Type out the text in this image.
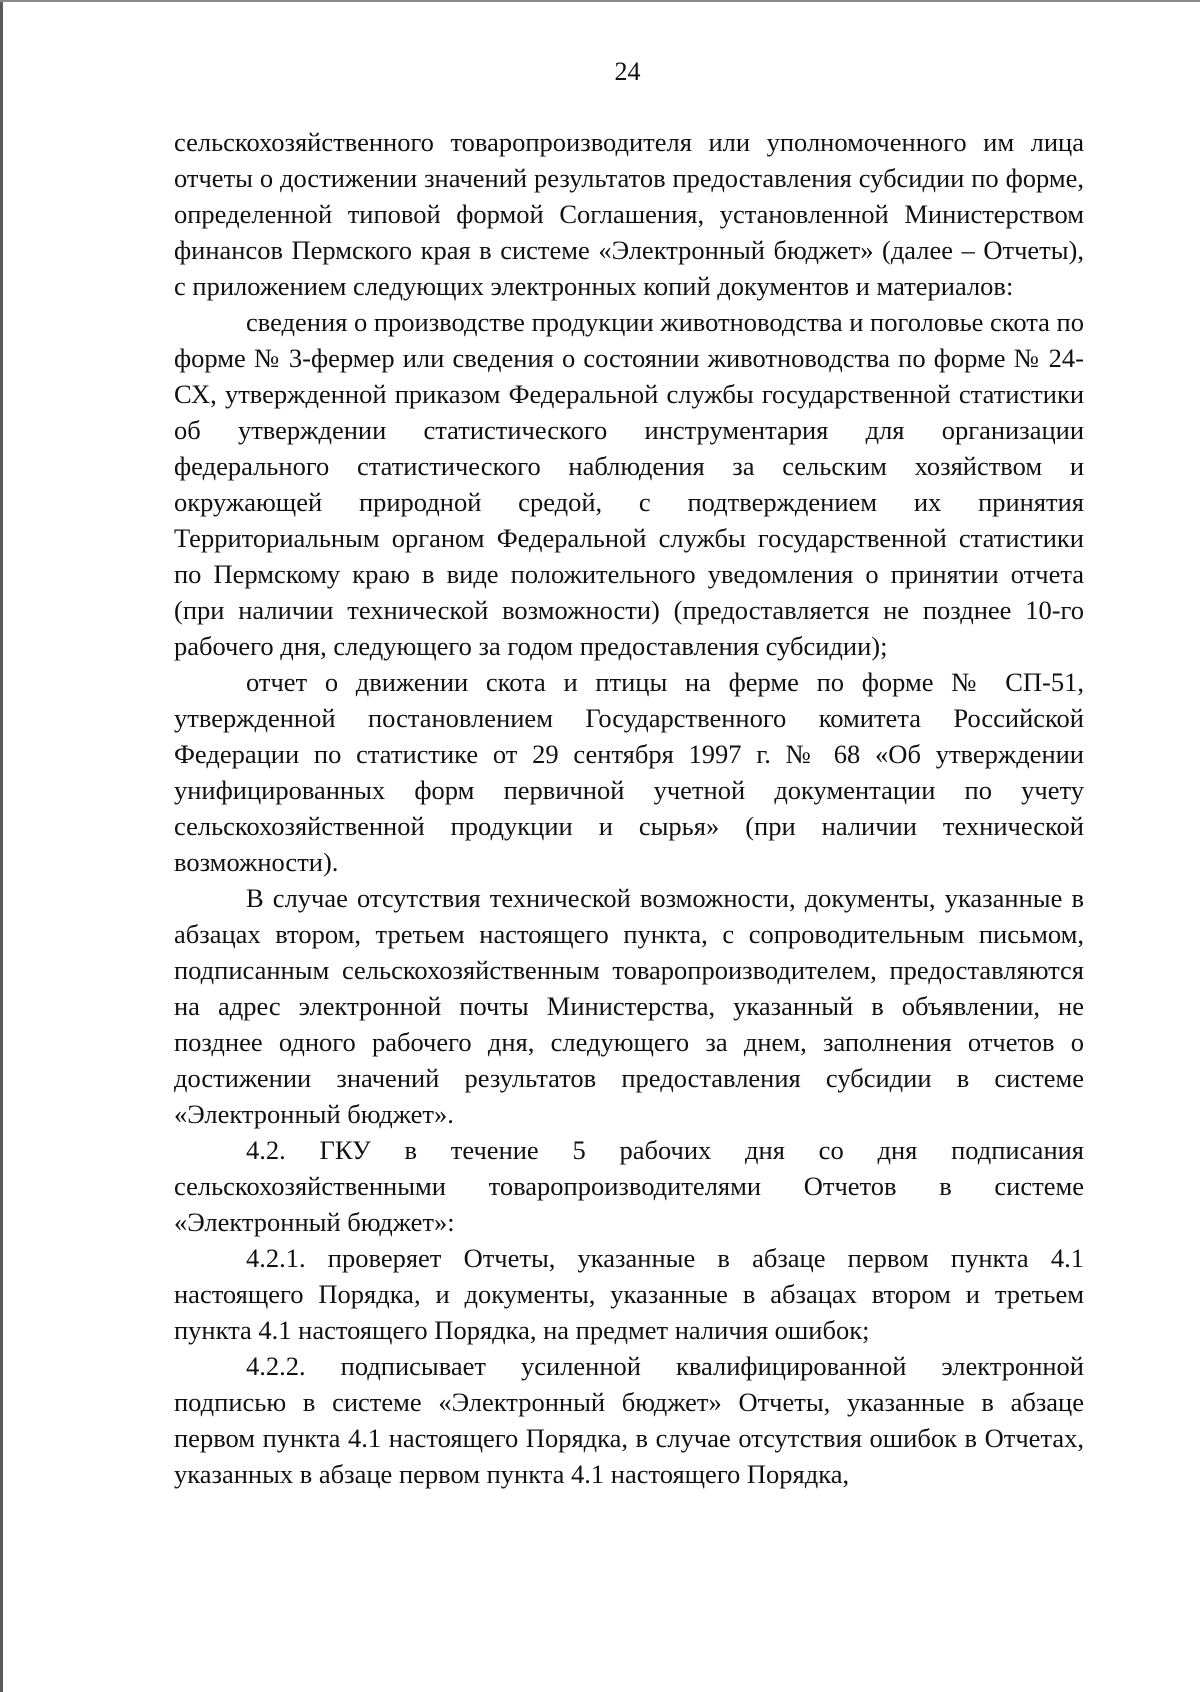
24

сельскохозяйственного товаропроизводителя или уполномоченного им лица отчеты о достижении значений результатов предоставления субсидии по форме, определенной типовой формой Соглашения, установленной Министерством финансов Пермского края в системе «Электронный бюджет» (далее – Отчеты), с приложением следующих электронных копий документов и материалов:

сведения о производстве продукции животноводства и поголовье скота по форме № 3-фермер или сведения о состоянии животноводства по форме № 24-СХ, утвержденной приказом Федеральной службы государственной статистики об утверждении статистического инструментария для организации федерального статистического наблюдения за сельским хозяйством и окружающей природной средой, с подтверждением их принятия Территориальным органом Федеральной службы государственной статистики по Пермскому краю в виде положительного уведомления о принятии отчета (при наличии технической возможности) (предоставляется не позднее 10-го рабочего дня, следующего за годом предоставления субсидии);

отчет о движении скота и птицы на ферме по форме № СП-51, утвержденной постановлением Государственного комитета Российской Федерации по статистике от 29 сентября 1997 г. № 68 «Об утверждении унифицированных форм первичной учетной документации по учету сельскохозяйственной продукции и сырья» (при наличии технической возможности).

В случае отсутствия технической возможности, документы, указанные в абзацах втором, третьем настоящего пункта, с сопроводительным письмом, подписанным сельскохозяйственным товаропроизводителем, предоставляются на адрес электронной почты Министерства, указанный в объявлении, не позднее одного рабочего дня, следующего за днем, заполнения отчетов о достижении значений результатов предоставления субсидии в системе «Электронный бюджет».

4.2. ГКУ в течение 5 рабочих дня со дня подписания сельскохозяйственными товаропроизводителями Отчетов в системе «Электронный бюджет»:

4.2.1. проверяет Отчеты, указанные в абзаце первом пункта 4.1 настоящего Порядка, и документы, указанные в абзацах втором и третьем пункта 4.1 настоящего Порядка, на предмет наличия ошибок;

4.2.2. подписывает усиленной квалифицированной электронной подписью в системе «Электронный бюджет» Отчеты, указанные в абзаце первом пункта 4.1 настоящего Порядка, в случае отсутствия ошибок в Отчетах, указанных в абзаце первом пункта 4.1 настоящего Порядка,
